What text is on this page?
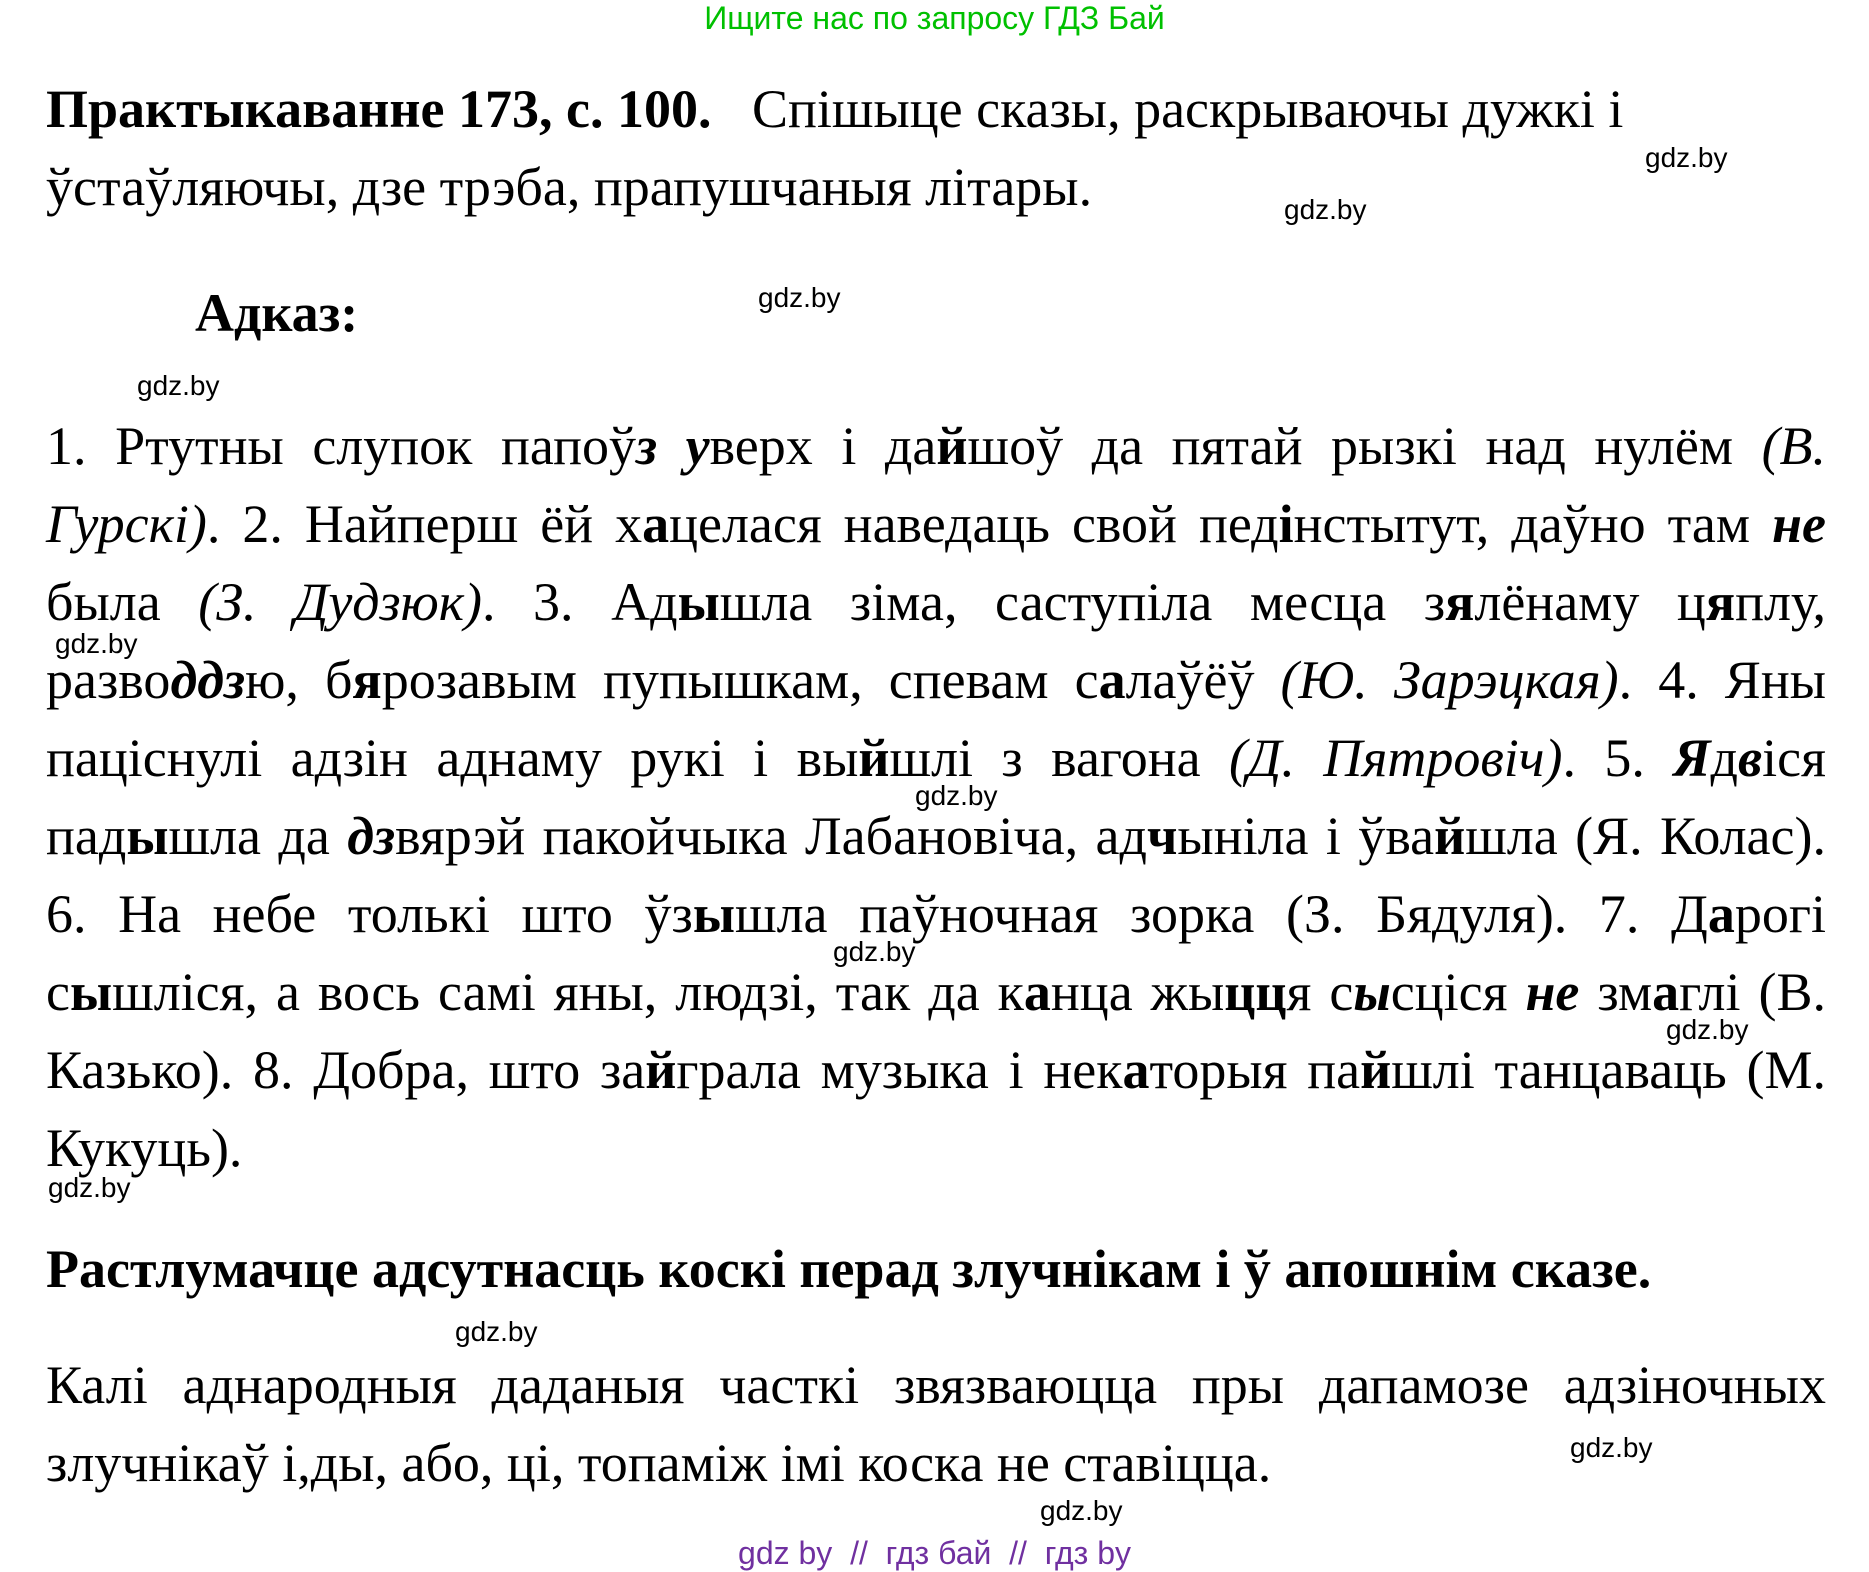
Ищите нас по запросу ГДЗ Бай

Практыкаванне 173, с. 100. Спішыце сказы, раскрываючы дужкі і ўстаўляючы, дзе трэба, прапушчаныя літары.

Адказ:

1. Ртутны слупок папоўз уверх і дайшоў да пятай рызкі над нулём (В. Гурскі). 2. Найперш ёй хацелася наведаць свой педінстытут, даўно там не была (З. Дудзюк). 3. Адышла зіма, саступіла месца зялёнаму цяплу, разводдзю, бярозавым пупышкам, спевам салаўёў (Ю. Зарэцкая). 4. Яны пацiснулі адзін аднаму рукі і выйшлі з вагона (Д. Пятровіч). 5. Ядвіся падышла да дзвярэй пакойчыка Лабановіча, адчыніла і ўвайшла (Я. Колас). 6. На небе толькі што ўзышла паўночная зорка (З. Бядуля). 7. Дарогі сышліся, а вось самі яны, людзі, так да канца жыцця сысціся не змаглі (В. Казько). 8. Добра, што зайграла музыка і некаторыя пайшлі танцаваць (М. Кукуць).

Растлумачце адсутнасць коскі перад злучнікам і ў апошнім сказе.

Калі аднародныя даданыя часткі звязваюцца пры дапамозе адзіночных злучнікаў і,ды, або, ці, топаміж імі коска не ставіцца.

gdz.by
gdz.by
gdz.by
gdz.by
gdz.by
gdz.by
gdz.by
gdz.by
gdz.by
gdz.by
gdz.by
gdz.by
gdz by  //  гдз бай  //  гдз by
